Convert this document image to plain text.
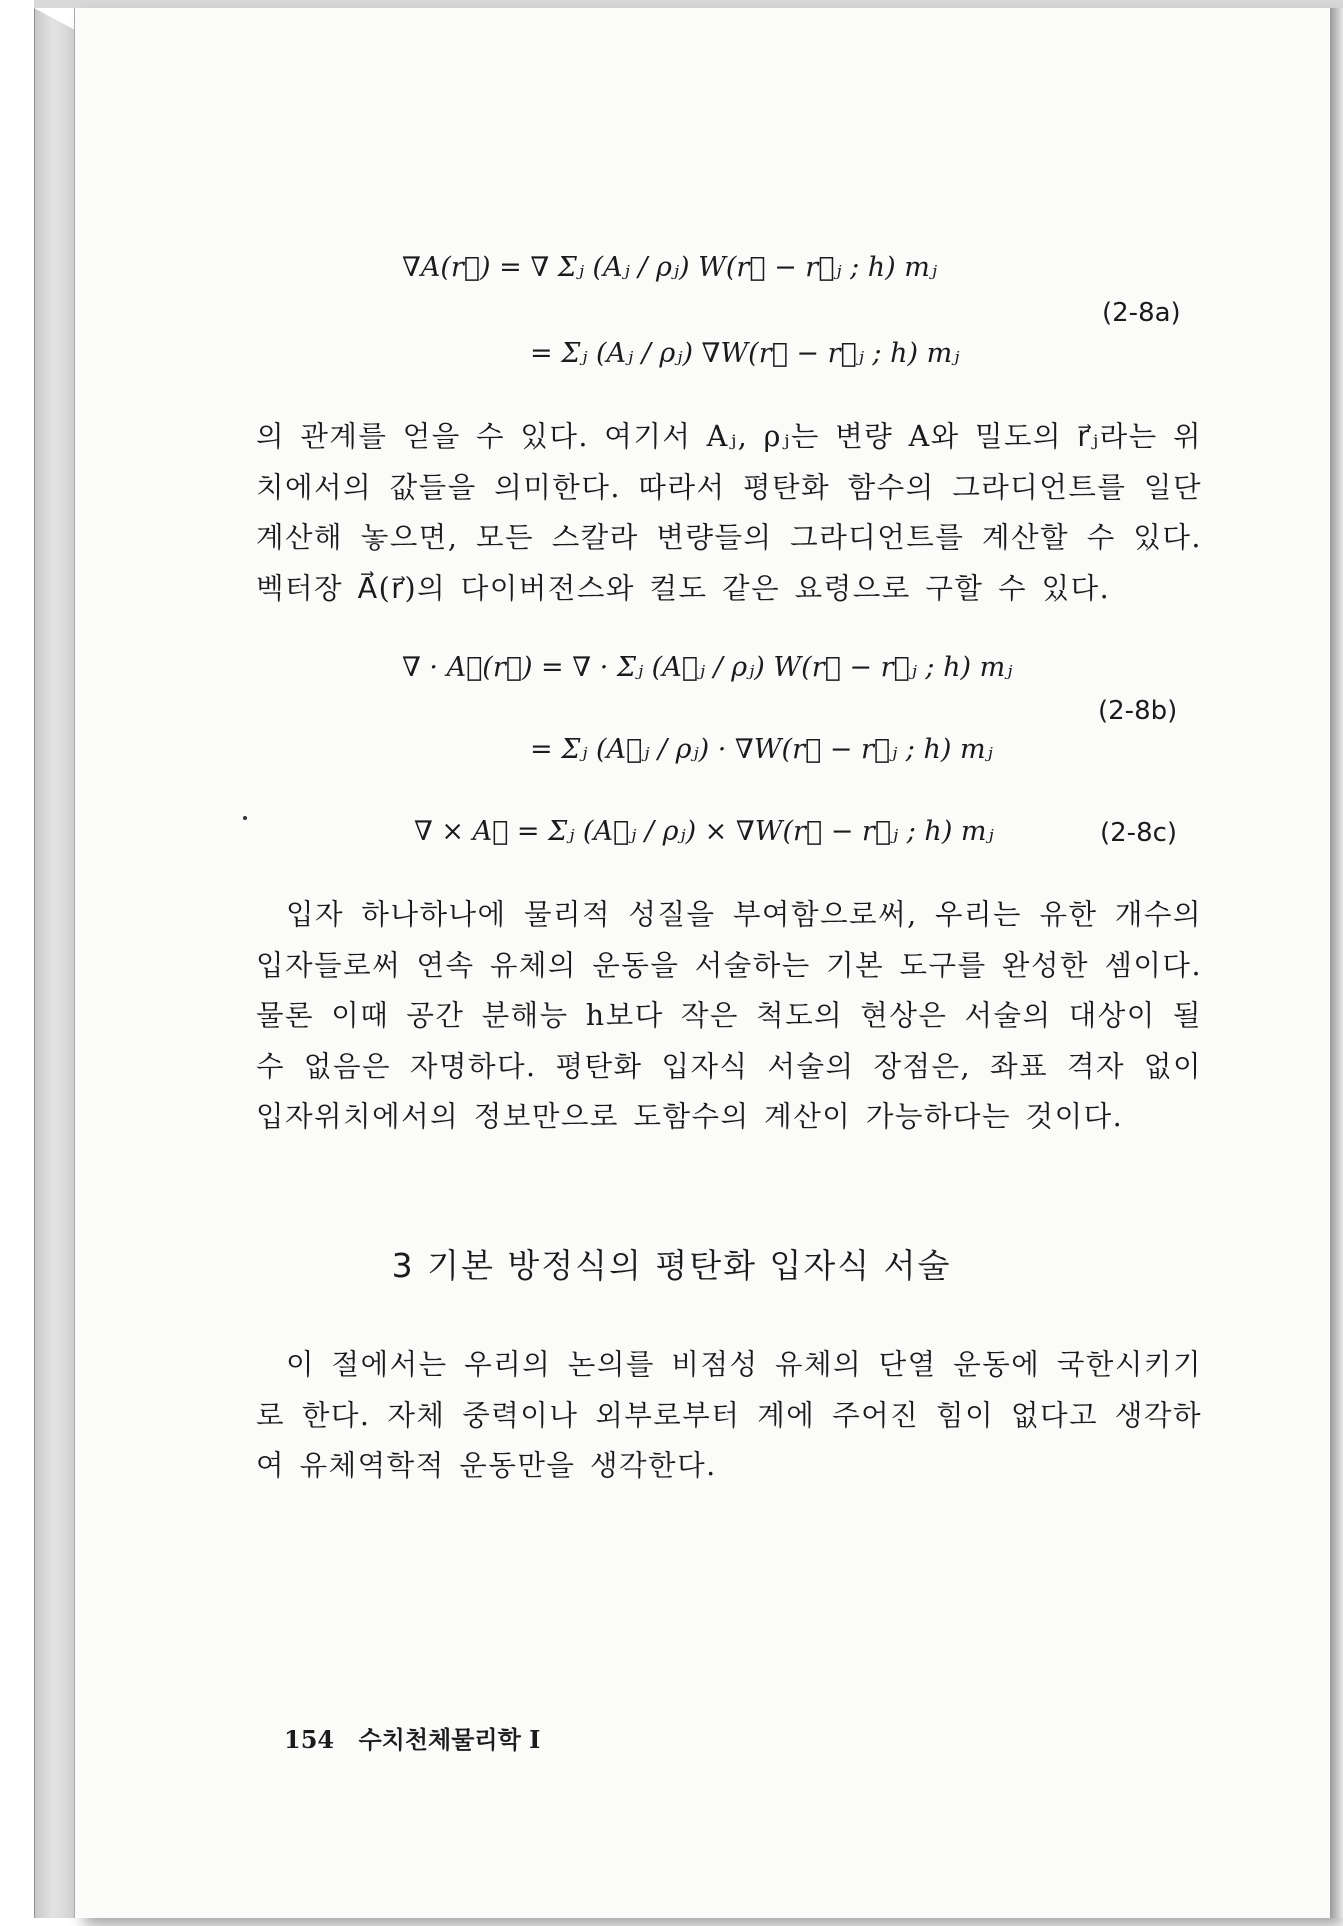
∇A(r⃗) = ∇ Σⱼ (Aⱼ / ρⱼ) W(r⃗ − r⃗ⱼ ; h) mⱼ
= Σⱼ (Aⱼ / ρⱼ) ∇W(r⃗ − r⃗ⱼ ; h) mⱼ
(2-8a)
의 관계를 얻을 수 있다. 여기서 Aⱼ, ρⱼ는 변량 A와 밀도의 r⃗ⱼ라는 위치에서의 값들을 의미한다. 따라서 평탄화 함수의 그라디언트를 일단 계산해 놓으면, 모든 스칼라 변량들의 그라디언트를 계산할 수 있다. 벡터장 A⃗(r⃗)의 다이버전스와 컬도 같은 요령으로 구할 수 있다.
∇ · A⃗(r⃗) = ∇ · Σⱼ (A⃗ⱼ / ρⱼ) W(r⃗ − r⃗ⱼ ; h) mⱼ
= Σⱼ (A⃗ⱼ / ρⱼ) · ∇W(r⃗ − r⃗ⱼ ; h) mⱼ
(2-8b)
∇ × A⃗ = Σⱼ (A⃗ⱼ / ρⱼ) × ∇W(r⃗ − r⃗ⱼ ; h) mⱼ	(2-8c)
입자 하나하나에 물리적 성질을 부여함으로써, 우리는 유한 개수의 입자들로써 연속 유체의 운동을 서술하는 기본 도구를 완성한 셈이다. 물론 이때 공간 분해능 h보다 작은 척도의 현상은 서술의 대상이 될 수 없음은 자명하다. 평탄화 입자식 서술의 장점은, 좌표 격자 없이 입자위치에서의 정보만으로 도함수의 계산이 가능하다는 것이다.
3 기본 방정식의 평탄화 입자식 서술
이 절에서는 우리의 논의를 비점성 유체의 단열 운동에 국한시키기로 한다. 자체 중력이나 외부로부터 계에 주어진 힘이 없다고 생각하여 유체역학적 운동만을 생각한다.
154 수치천체물리학 Ⅰ
